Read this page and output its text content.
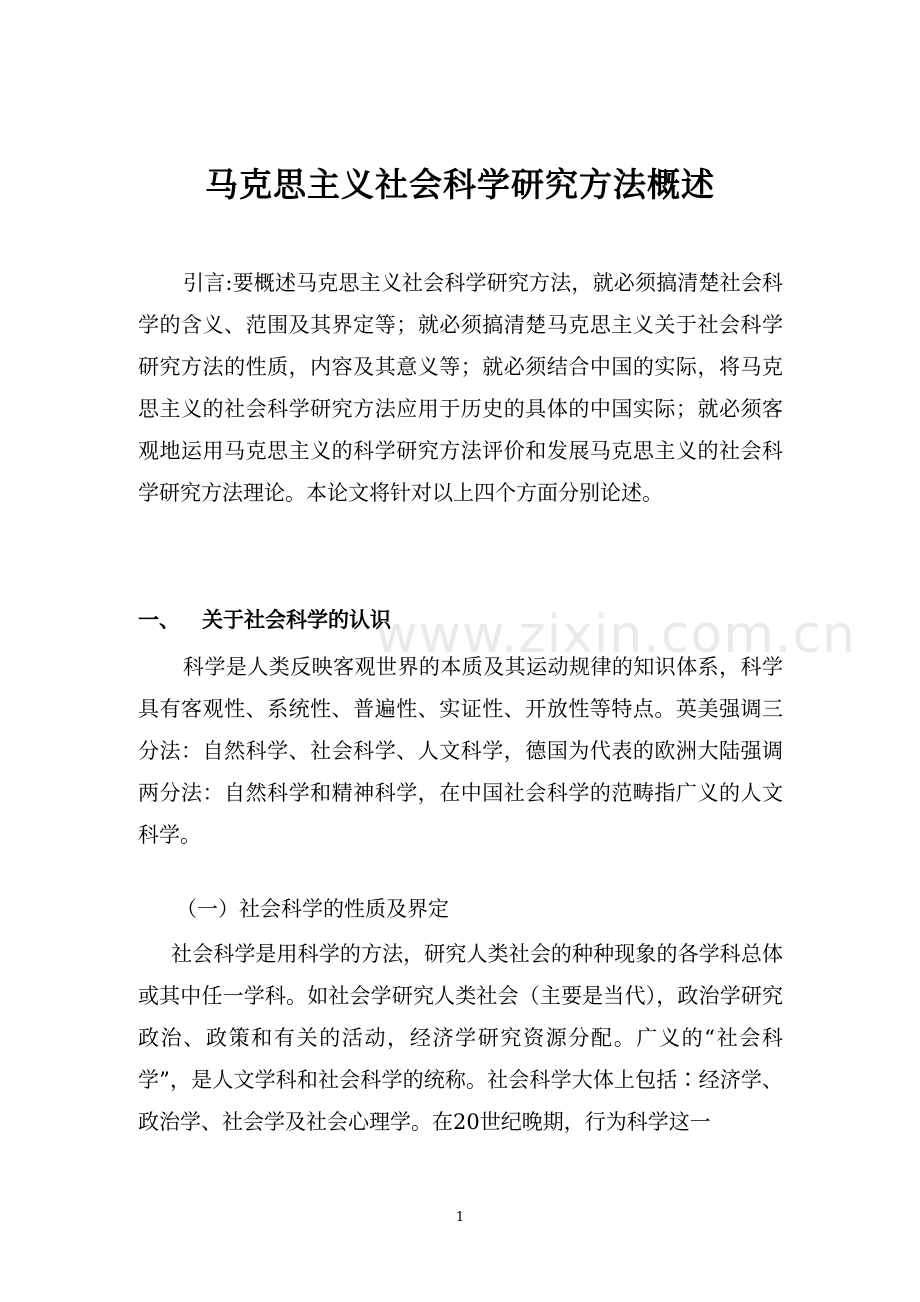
马克思主义社会科学研究方法概述

引言:要概述马克思主义社会科学研究方法，就必须搞清楚社会科学的含义、范围及其界定等；就必须搞清楚马克思主义关于社会科学研究方法的性质，内容及其意义等；就必须结合中国的实际，将马克思主义的社会科学研究方法应用于历史的具体的中国实际；就必须客观地运用马克思主义的科学研究方法评价和发展马克思主义的社会科学研究方法理论。本论文将针对以上四个方面分别论述。

www.zixin.com.cn
一、 关于社会科学的认识

科学是人类反映客观世界的本质及其运动规律的知识体系，科学具有客观性、系统性、普遍性、实证性、开放性等特点。英美强调三分法：自然科学、社会科学、人文科学，德国为代表的欧洲大陆强调两分法：自然科学和精神科学，在中国社会科学的范畴指广义的人文科学。

（一）社会科学的性质及界定

社会科学是用科学的方法，研究人类社会的种种现象的各学科总体或其中任一学科。如社会学研究人类社会（主要是当代），政治学研究政治、政策和有关的活动，经济学研究资源分配。广义的“社会科学”，是人文学科和社会科学的统称。社会科学大体上包括∶经济学、政治学、社会学及社会心理学。在20世纪晚期，行为科学这一

1
